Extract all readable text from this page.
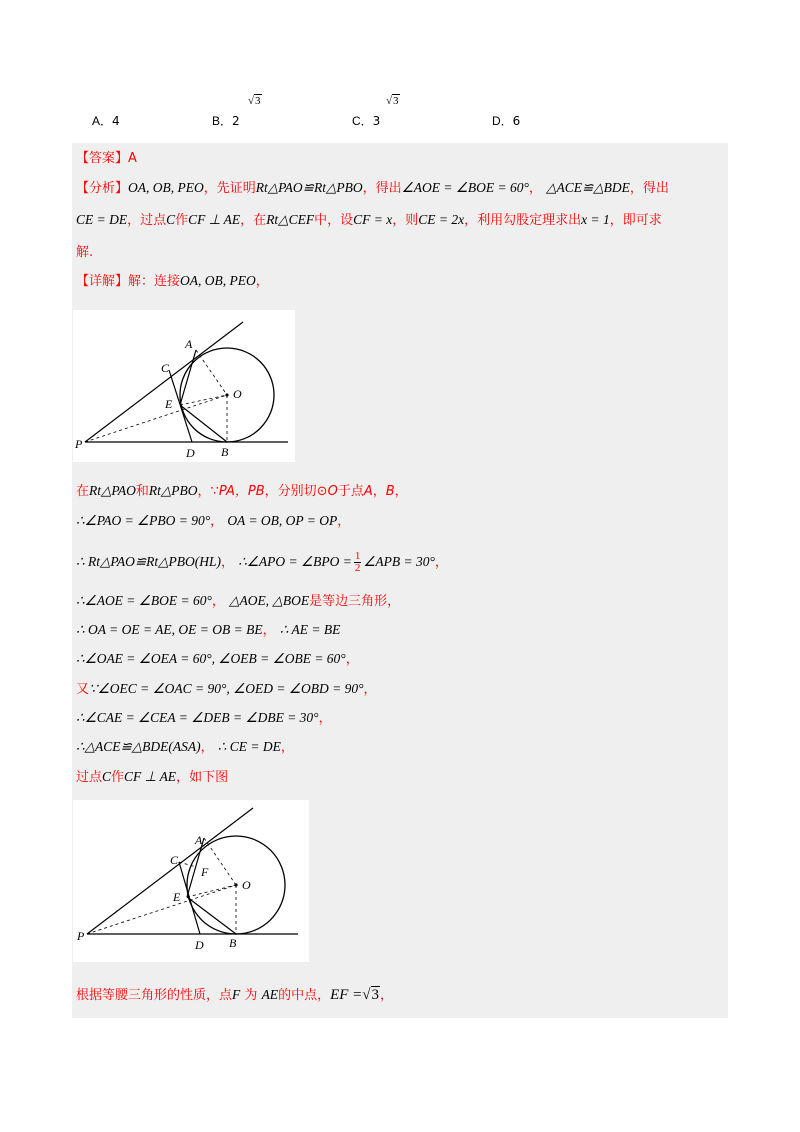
A．4	B．2
√3
C．3
√3
D．6
【答案】A
【分析】OA, OB, PEO，先证明Rt△PAO≌Rt△PBO，得出∠AOE = ∠BOE = 60°， △ACE≌△BDE，得出
CE = DE，过点C作CF ⊥ AE，在Rt△CEF中，设CF = x，则CE = 2x，利用勾股定理求出x = 1，即可求
解.
【详解】解：连接OA, OB, PEO，
A
C
E
O
P
D B
在Rt△PAO和Rt△PBO，∵PA，PB，分别切⊙O于点A，B，
∴∠PAO = ∠PBO = 90°， OA = OB, OP = OP，
∴ Rt△PAO≌Rt△PBO(HL)， ∴∠APO = ∠BPO = $\frac{1}{2}$ ∠APB = 30°，
∴∠AOE = ∠BOE = 60°， △AOE, △BOE是等边三角形，
∴ OA = OE = AE, OE = OB = BE， ∴ AE = BE
∴∠OAE = ∠OEA = 60°, ∠OEB = ∠OBE = 60°，
又∵∠OEC = ∠OAC = 90°, ∠OED = ∠OBD = 90°，
∴∠CAE = ∠CEA = ∠DEB = ∠DBE = 30°，
∴△ACE≌△BDE(ASA)， ∴ CE = DE，
过点C作CF ⊥ AE，如下图
A
C
F
E
O
P
D B
根据等腰三角形的性质，点F 为 AE的中点，EF =√3，
